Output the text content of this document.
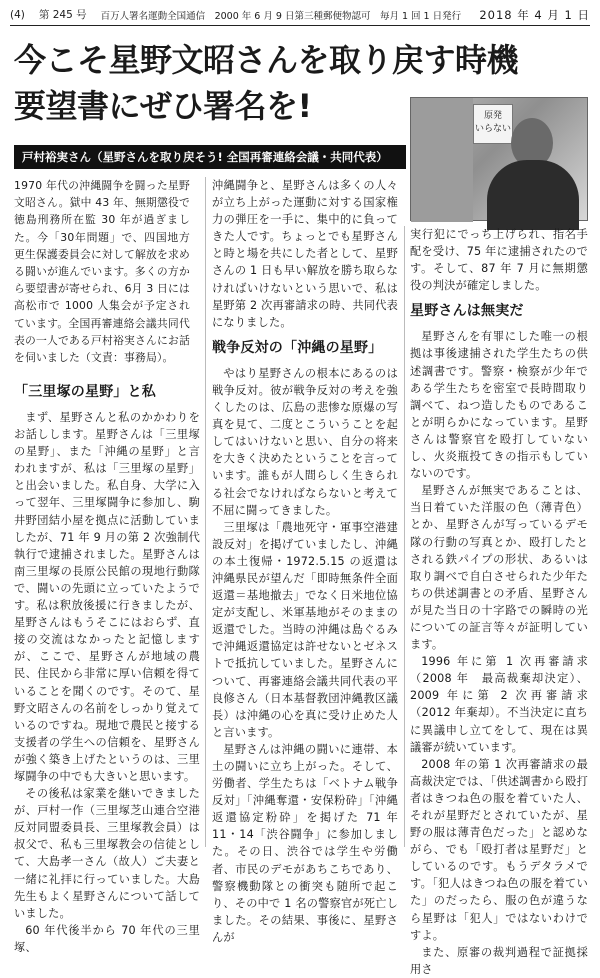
(4) 第 245 号 百万人署名運動全国通信　2000 年 6 月 9 日第三種郵便物認可　毎月 1 回 1 日発行 2018 年 4 月 1 日
今こそ星野文昭さんを取り戻す時機
要望書にぜひ署名を!
戸村裕実さん（星野さんを取り戻そう! 全国再審連絡会議・共同代表）
原発
いらない

1970 年代の沖縄闘争を闘った星野文昭さん。獄中 43 年、無期懲役で徳島刑務所在監 30 年が過ぎました。今「30年問題」で、四国地方更生保護委員会に対して解放を求める闘いが進んでいます。多くの方から要望書が寄せられ、6月 3 日には高松市で 1000 人集会が予定されています。全国再審連絡会議共同代表の一人である戸村裕実さんにお話を伺いました（文責：事務局）。

「三里塚の星野」と私

まず、星野さんと私のかかわりをお話しします。星野さんは「三里塚の星野」、また「沖縄の星野」と言われますが、私は「三里塚の星野」と出会いました。私自身、大学に入って翌年、三里塚闘争に参加し、駒井野団結小屋を拠点に活動していましたが、71 年 9 月の第 2 次強制代執行で逮捕されました。星野さんは南三里塚の長原公民館の現地行動隊で、闘いの先頭に立っていたようです。私は釈放後援に行きましたが、星野さんはもうそこにはおらず、直接の交流はなかったと記憶しますが、ここで、星野さんが地域の農民、住民から非常に厚い信頼を得ていることを聞くのです。そのて、星野文昭さんの名前をしっかり覚えているのですね。現地で農民と接する支援者の学生への信頼を、星野さんが強く築き上げたというのは、三里塚闘争の中でも大きいと思います。

その後私は家業を継いできましたが、戸村一作（三里塚芝山連合空港反対同盟委員長、三里塚教会員）は叔父で、私も三里塚教会の信徒として、大島孝一さん（故人）ご夫妻と一緒に礼拝に行っていました。大島先生もよく星野さんについて話していました。

60 年代後半から 70 年代の三里塚、

沖縄闘争と、星野さんは多くの人々が立ち上がった運動に対する国家権力の弾圧を一手に、集中的に負ってきた人です。ちょっとでも星野さんと時と場を共にした者として、星野さんの 1 日も早い解放を勝ち取らなければいけないという思いで、私は星野第 2 次再審請求の時、共同代表になりました。

戦争反対の「沖縄の星野」

やはり星野さんの根本にあるのは戦争反対。彼が戦争反対の考えを強くしたのは、広島の悲惨な原爆の写真を見て、二度とこういうことを起してはいけないと思い、自分の将来を大きく決めたということを言っています。誰もが人間らしく生きられる社会でなければならないと考えて不屈に闘ってきました。

三里塚は「農地死守・軍事空港建設反対」を掲げていましたし、沖縄の本土復帰・1972.5.15 の返還は沖縄県民が望んだ「即時無条件全面返還＝基地撤去」でなく日米地位協定が支配し、米軍基地がそのままの返還でした。当時の沖縄は島ぐるみで沖縄返還協定は許せないとゼネストで抵抗していました。星野さんについて、再審連絡会議共同代表の平良修さん（日本基督教団沖縄教区議長）は沖縄の心を真に受け止めた人と言います。

星野さんは沖縄の闘いに連帯、本土の闘いに立ち上がった。そして、労働者、学生たちは「ベトナム戦争反対」「沖縄奪還・安保粉砕」「沖縄返還協定粉砕」を掲げた 71 年 11・14「渋谷闘争」に参加しました。その日、渋谷では学生や労働者、市民のデモがあちこちであり、警察機動隊との衝突も随所で起こり、その中で 1 名の警察官が死亡しました。その結果、事後に、星野さんが

実行犯にでっち上げられ、指名手配を受け、75 年に逮捕されたのです。そして、87 年 7 月に無期懲役の判決が確定しました。

星野さんは無実だ

星野さんを有罪にした唯一の根拠は事後逮捕された学生たちの供述調書です。警察・検察が少年である学生たちを密室で長時間取り調べて、ねつ造したものであることが明らかになっています。星野さんは警察官を殴打していないし、火炎瓶投てきの指示もしていないのです。

星野さんが無実であることは、当日着ていた洋服の色（薄青色）とか、星野さんが写っているデモ隊の行動の写真とか、殴打したとされる鉄パイプの形状、あるいは取り調べで自白させられた少年たちの供述調書との矛盾、星野さんが見た当日の十字路での瞬時の光についての証言等々が証明しています。

1996 年に第 1 次再審請求（2008 年　最高裁棄却決定）、2009 年に第 2 次再審請求（2012 年棄却）。不当決定に直ちに異議申し立てをして、現在は異議審が続いています。

2008 年の第 1 次再審請求の最高裁決定では、「供述調書から殴打者はきつね色の服を着ていた人、それが星野だとされていたが、星野の服は薄青色だった」と認めながら、でも「殴打者は星野だ」としているのです。もうデタラメです。「犯人はきつね色の服を着ていた」のだったら、服の色が違うなら星野は「犯人」ではないわけですよ。

また、原審の裁判過程で証拠採用さ
